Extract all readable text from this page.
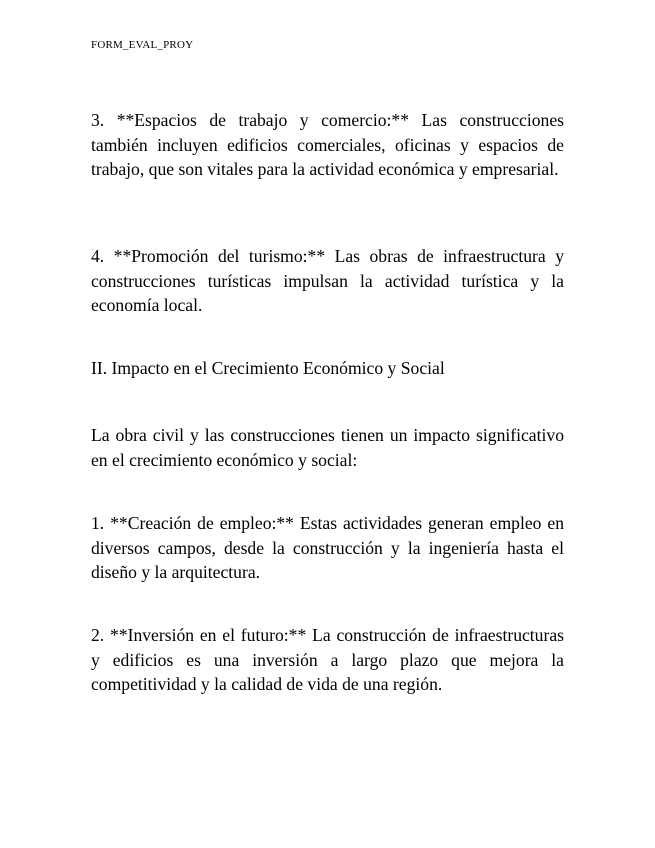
FORM_EVAL_PROY

3. **Espacios de trabajo y comercio:** Las construcciones también incluyen edificios comerciales, oficinas y espacios de trabajo, que son vitales para la actividad económica y empresarial.

4. **Promoción del turismo:** Las obras de infraestructura y construcciones turísticas impulsan la actividad turística y la economía local.

II. Impacto en el Crecimiento Económico y Social

La obra civil y las construcciones tienen un impacto significativo en el crecimiento económico y social:

1. **Creación de empleo:** Estas actividades generan empleo en diversos campos, desde la construcción y la ingeniería hasta el diseño y la arquitectura.

2. **Inversión en el futuro:** La construcción de infraestructuras y edificios es una inversión a largo plazo que mejora la competitividad y la calidad de vida de una región.
